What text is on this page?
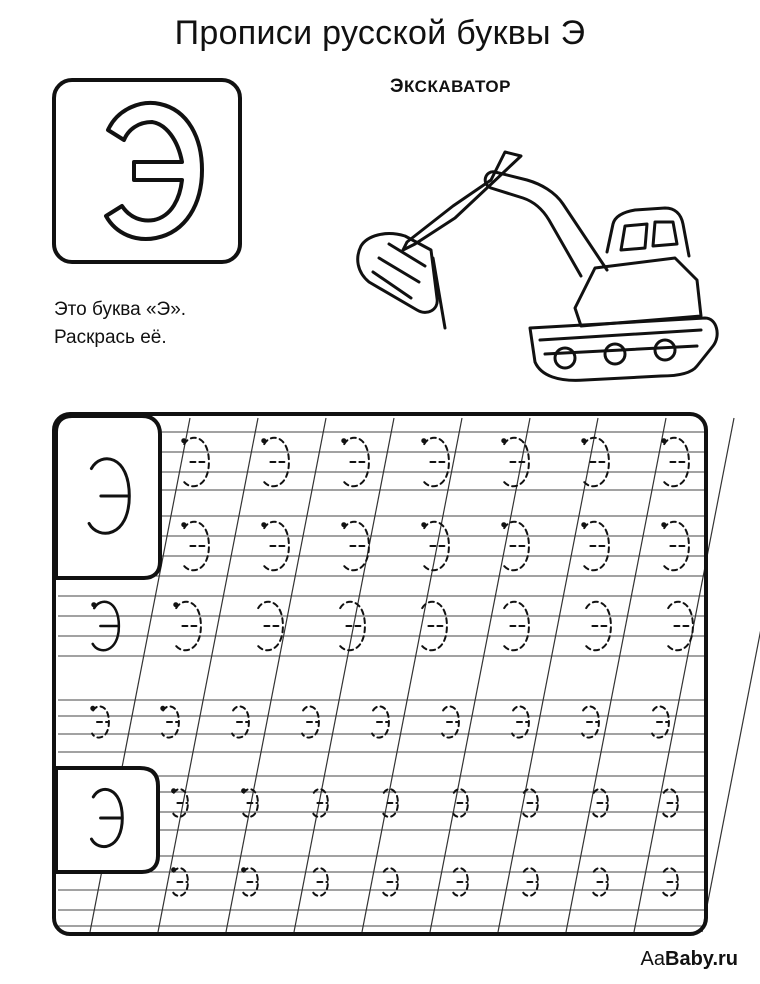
Прописи русской буквы Э
Это буква «Э».
Раскрась её.
ЭКСКАВАТОР
AaBaby.ru
